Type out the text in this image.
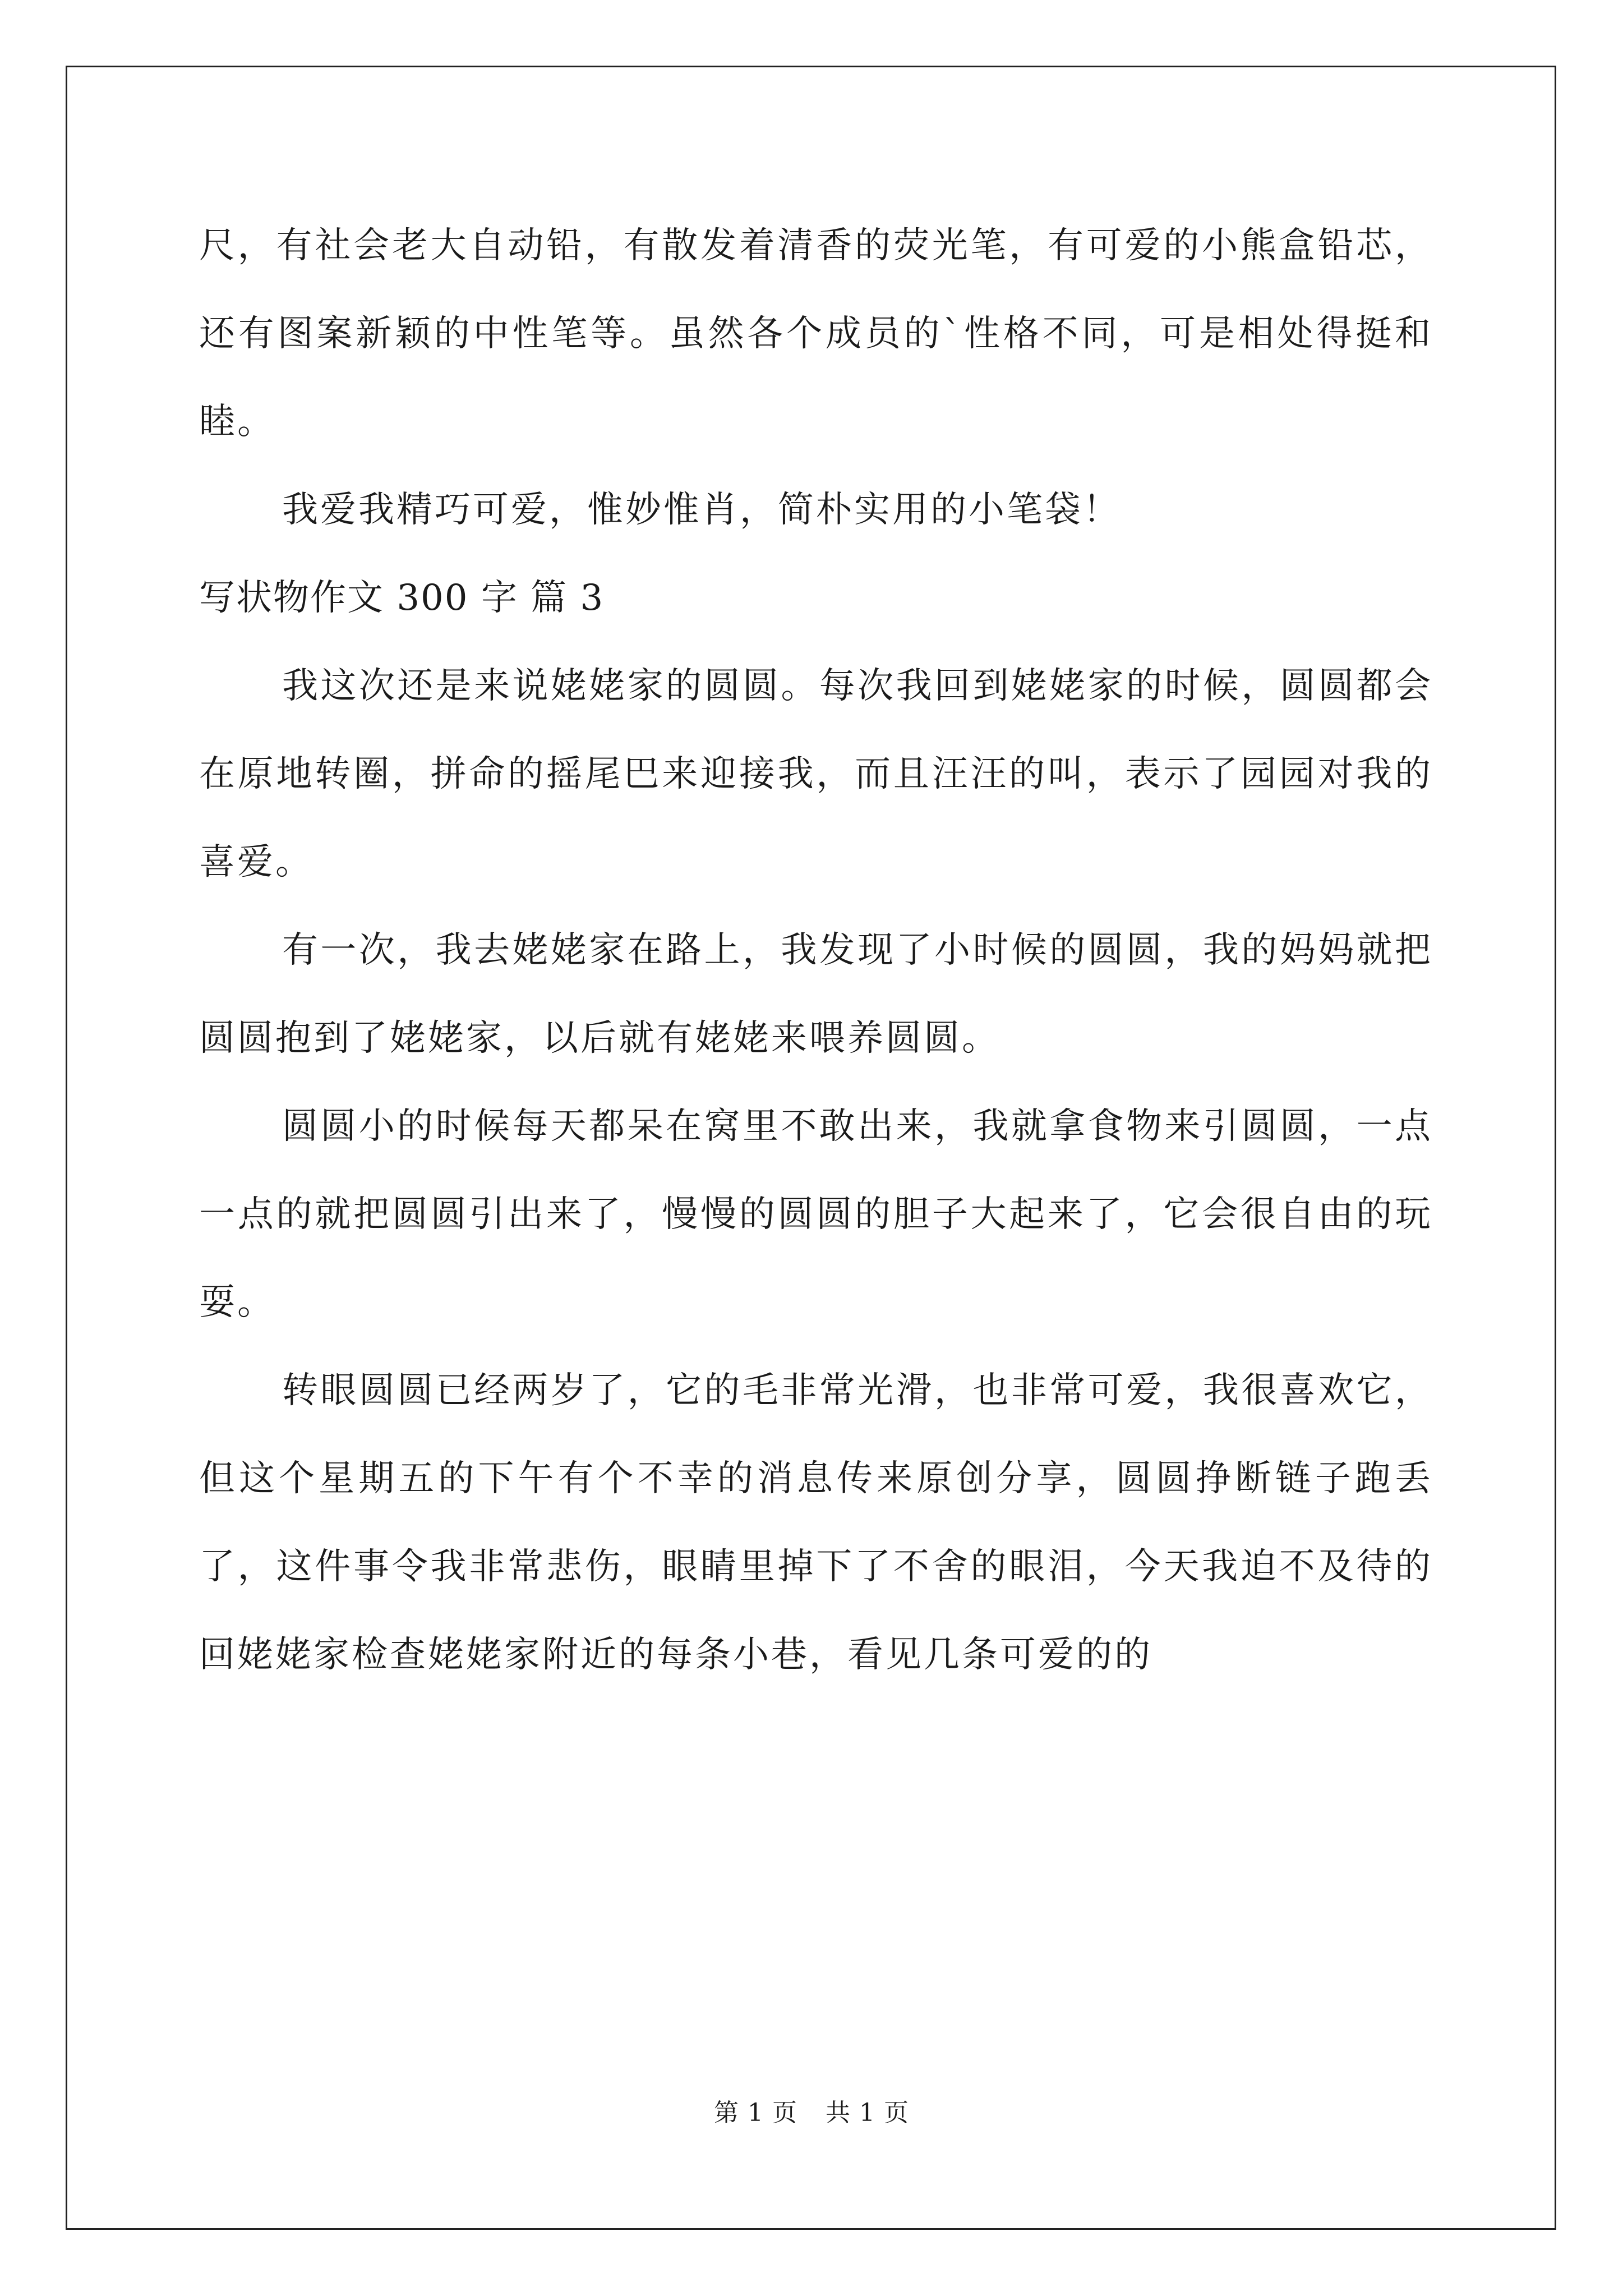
尺，有社会老大自动铅，有散发着清香的荧光笔，有可爱的小熊盒铅芯，还有图案新颖的中性笔等。虽然各个成员的`性格不同，可是相处得挺和睦。

我爱我精巧可爱，惟妙惟肖，简朴实用的小笔袋！

写状物作文 300 字 篇 3

我这次还是来说姥姥家的圆圆。每次我回到姥姥家的时候，圆圆都会在原地转圈，拼命的摇尾巴来迎接我，而且汪汪的叫，表示了园园对我的喜爱。

有一次，我去姥姥家在路上，我发现了小时候的圆圆，我的妈妈就把圆圆抱到了姥姥家，以后就有姥姥来喂养圆圆。

圆圆小的时候每天都呆在窝里不敢出来，我就拿食物来引圆圆，一点一点的就把圆圆引出来了，慢慢的圆圆的胆子大起来了，它会很自由的玩耍。

转眼圆圆已经两岁了，它的毛非常光滑，也非常可爱，我很喜欢它，但这个星期五的下午有个不幸的消息传来原创分享，圆圆挣断链子跑丢了，这件事令我非常悲伤，眼睛里掉下了不舍的眼泪，今天我迫不及待的回姥姥家检查姥姥家附近的每条小巷，看见几条可爱的的

第 1 页 共 1 页
